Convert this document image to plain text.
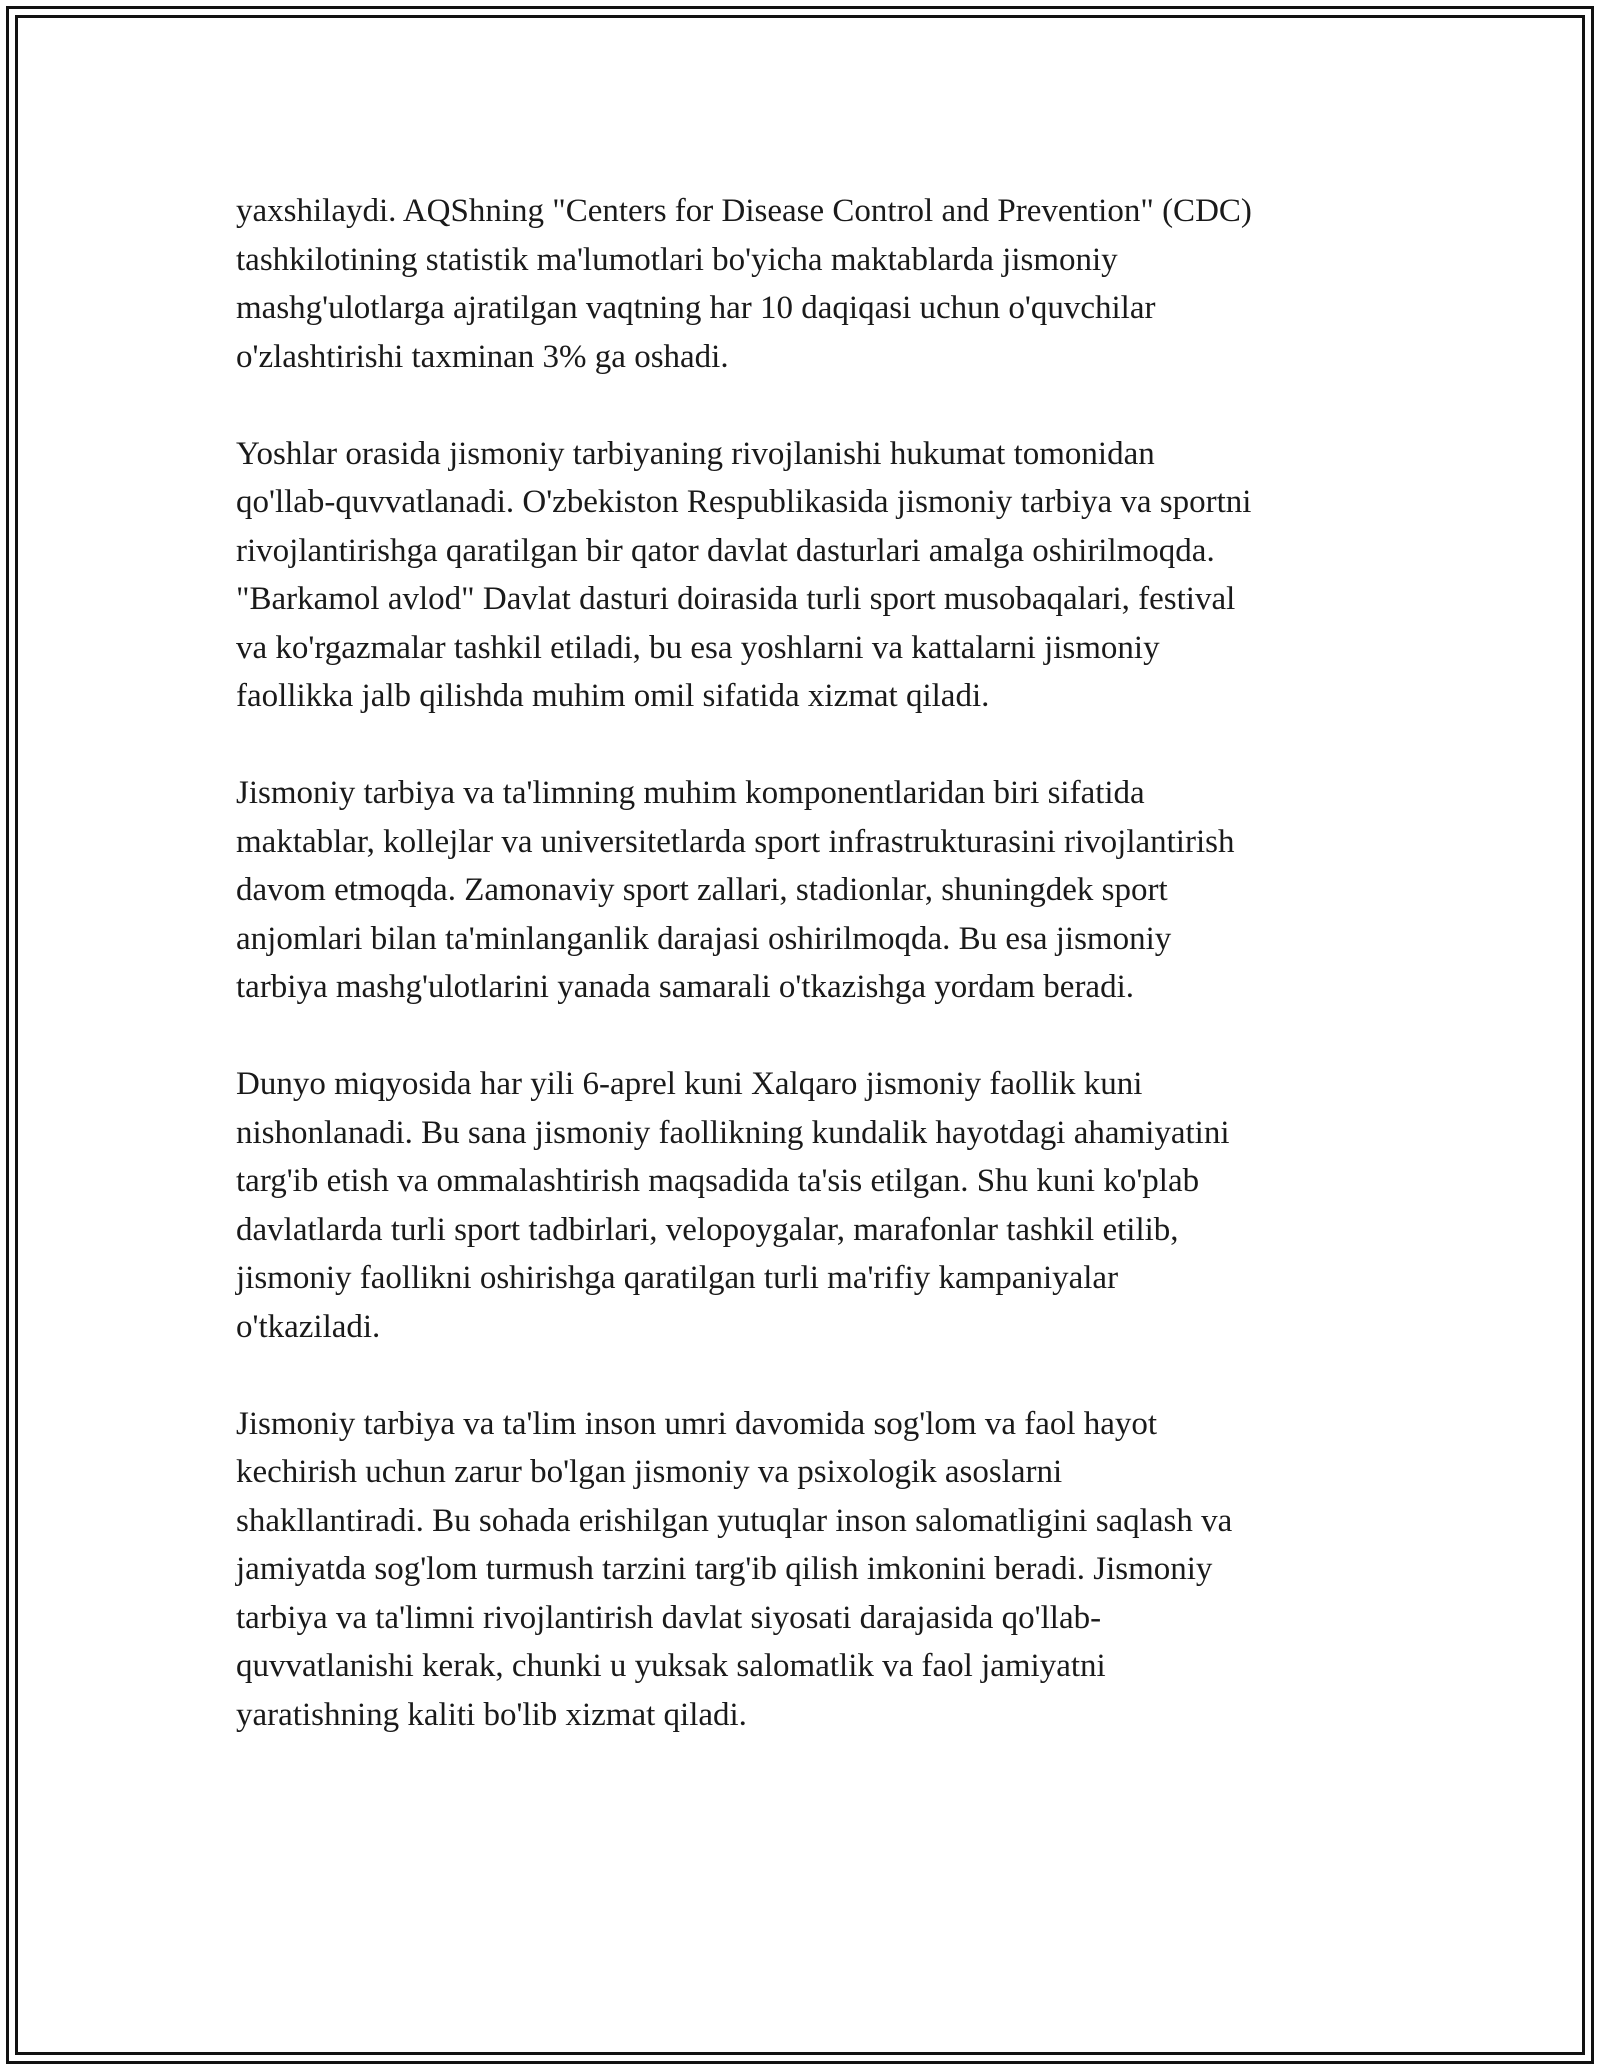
yaxshilaydi. AQShning "Centers for Disease Control and Prevention" (CDC)
tashkilotining statistik ma'lumotlari bo'yicha maktablarda jismoniy
mashg'ulotlarga ajratilgan vaqtning har 10 daqiqasi uchun o'quvchilar
o'zlashtirishi taxminan 3% ga oshadi.

Yoshlar orasida jismoniy tarbiyaning rivojlanishi hukumat tomonidan
qo'llab-quvvatlanadi. O'zbekiston Respublikasida jismoniy tarbiya va sportni
rivojlantirishga qaratilgan bir qator davlat dasturlari amalga oshirilmoqda.
"Barkamol avlod" Davlat dasturi doirasida turli sport musobaqalari, festival
va ko'rgazmalar tashkil etiladi, bu esa yoshlarni va kattalarni jismoniy
faollikka jalb qilishda muhim omil sifatida xizmat qiladi.

Jismoniy tarbiya va ta'limning muhim komponentlaridan biri sifatida
maktablar, kollejlar va universitetlarda sport infrastrukturasini rivojlantirish
davom etmoqda. Zamonaviy sport zallari, stadionlar, shuningdek sport
anjomlari bilan ta'minlanganlik darajasi oshirilmoqda. Bu esa jismoniy
tarbiya mashg'ulotlarini yanada samarali o'tkazishga yordam beradi.

Dunyo miqyosida har yili 6-aprel kuni Xalqaro jismoniy faollik kuni
nishonlanadi. Bu sana jismoniy faollikning kundalik hayotdagi ahamiyatini
targ'ib etish va ommalashtirish maqsadida ta'sis etilgan. Shu kuni ko'plab
davlatlarda turli sport tadbirlari, velopoygalar, marafonlar tashkil etilib,
jismoniy faollikni oshirishga qaratilgan turli ma'rifiy kampaniyalar
o'tkaziladi.

Jismoniy tarbiya va ta'lim inson umri davomida sog'lom va faol hayot
kechirish uchun zarur bo'lgan jismoniy va psixologik asoslarni
shakllantiradi. Bu sohada erishilgan yutuqlar inson salomatligini saqlash va
jamiyatda sog'lom turmush tarzini targ'ib qilish imkonini beradi. Jismoniy
tarbiya va ta'limni rivojlantirish davlat siyosati darajasida qo'llab-
quvvatlanishi kerak, chunki u yuksak salomatlik va faol jamiyatni
yaratishning kaliti bo'lib xizmat qiladi.
